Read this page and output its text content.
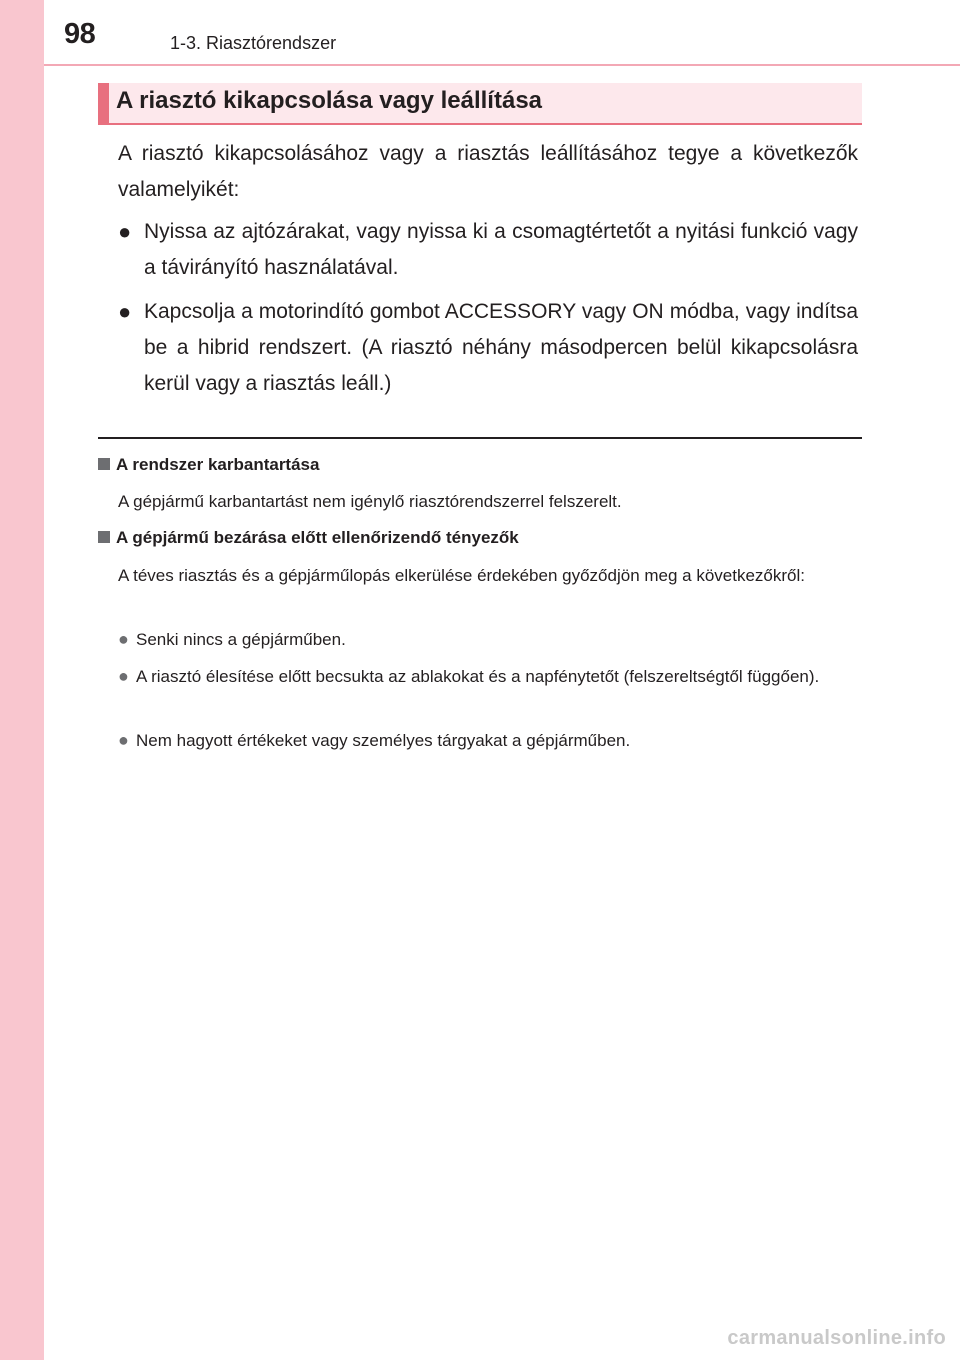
98	1-3. Riasztórendszer
A riasztó kikapcsolása vagy leállítása
A riasztó kikapcsolásához vagy a riasztás leállításához tegye a következők valamelyikét:
● Nyissa az ajtózárakat, vagy nyissa ki a csomagtértetőt a nyitási funkció vagy a távirányító használatával.
● Kapcsolja a motorindító gombot ACCESSORY vagy ON módba, vagy indítsa be a hibrid rendszert. (A riasztó néhány másodpercen belül kikapcsolásra kerül vagy a riasztás leáll.)
A rendszer karbantartása
A gépjármű karbantartást nem igénylő riasztórendszerrel felszerelt.
A gépjármű bezárása előtt ellenőrizendő tényezők
A téves riasztás és a gépjárműlopás elkerülése érdekében győződjön meg a következőkről:
● Senki nincs a gépjárműben.
● A riasztó élesítése előtt becsukta az ablakokat és a napfénytetőt (felszereltségtől függően).
● Nem hagyott értékeket vagy személyes tárgyakat a gépjárműben.
carmanualsonline.info
